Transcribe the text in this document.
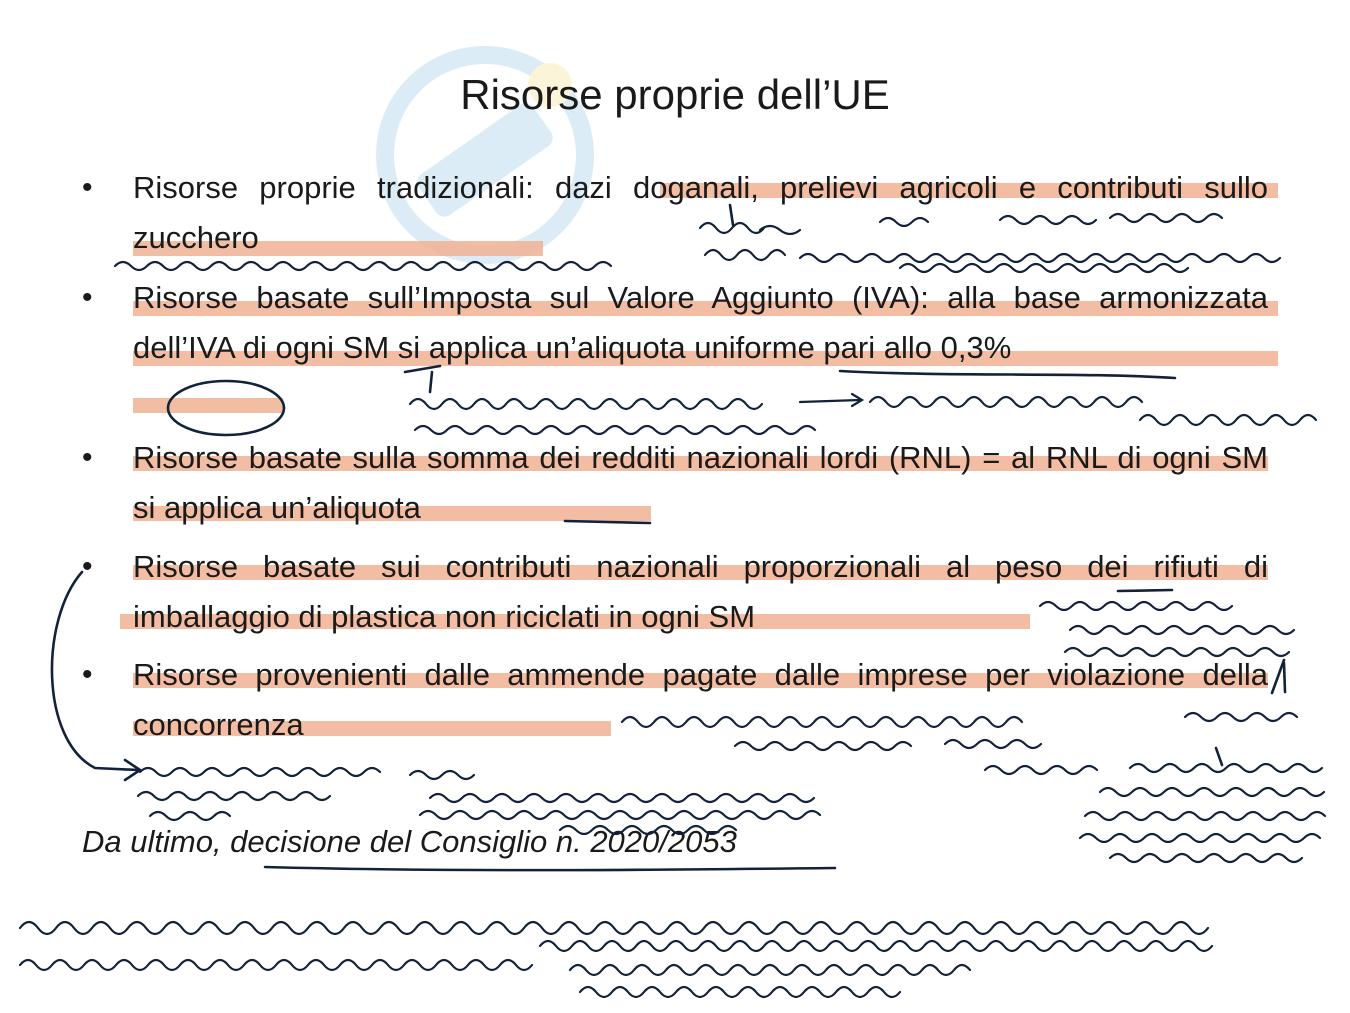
Risorse proprie dell’UE
• Risorse proprie tradizionali: dazi doganali, prelievi agricoli e contributi sullo zucchero
• Risorse basate sull’Imposta sul Valore Aggiunto (IVA): alla base armonizzata dell’IVA di ogni SM si applica un’aliquota uniforme pari allo 0,3%
• Risorse basate sulla somma dei redditi nazionali lordi (RNL) = al RNL di ogni SM si applica un’aliquota
• Risorse basate sui contributi nazionali proporzionali al peso dei rifiuti di imballaggio di plastica non riciclati in ogni SM
• Risorse provenienti dalle ammende pagate dalle imprese per violazione della concorrenza
Da ultimo, decisione del Consiglio n. 2020/2053
